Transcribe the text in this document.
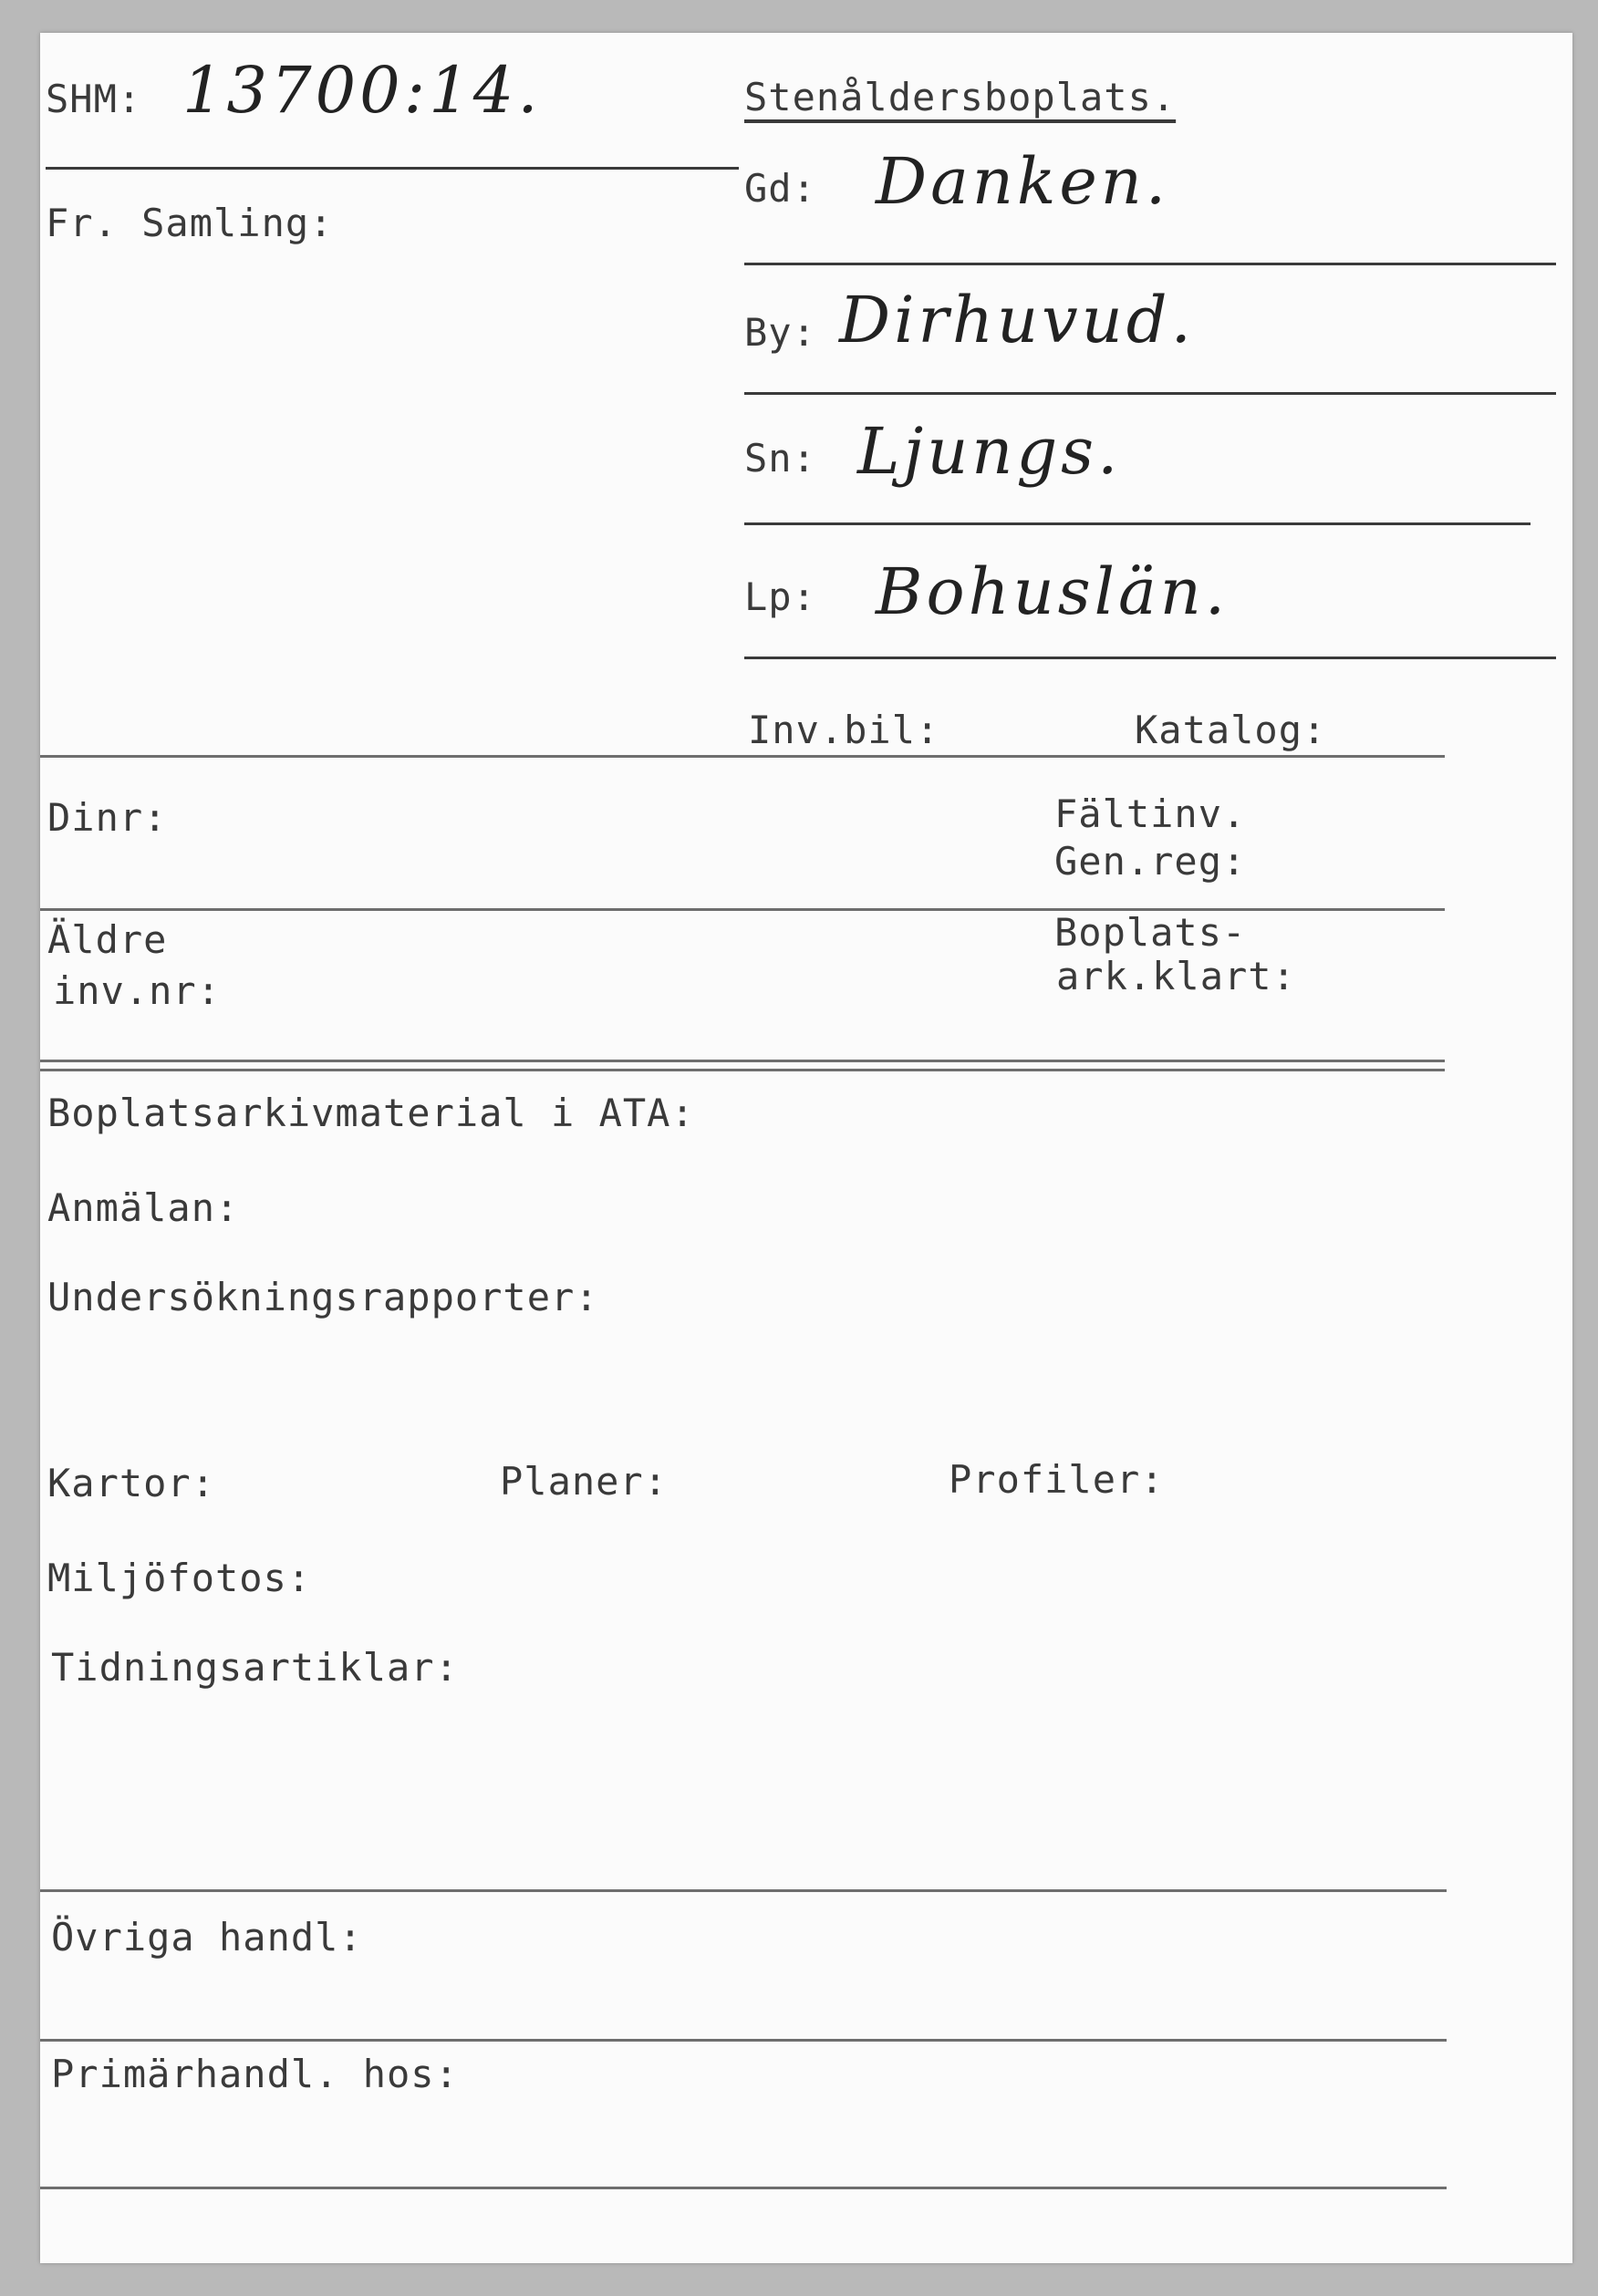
SHM: 13700:14.	Stenåldersboplats.
Fr. Samling:
Gd: Danken.
By: Dirhuvud.
Sn: Ljungs.
Lp: Bohuslän.
Inv.bil:	Katalog:
Dinr:	Fältinv.
Gen.reg:
Äldre
inv.nr:
Boplats-
ark.klart:
Boplatsarkivmaterial i ATA:
Anmälan:
Undersökningsrapporter:
Kartor:	Planer:	Profiler:
Miljöfotos:
Tidningsartiklar:
Övriga handl:
Primärhandl. hos:
